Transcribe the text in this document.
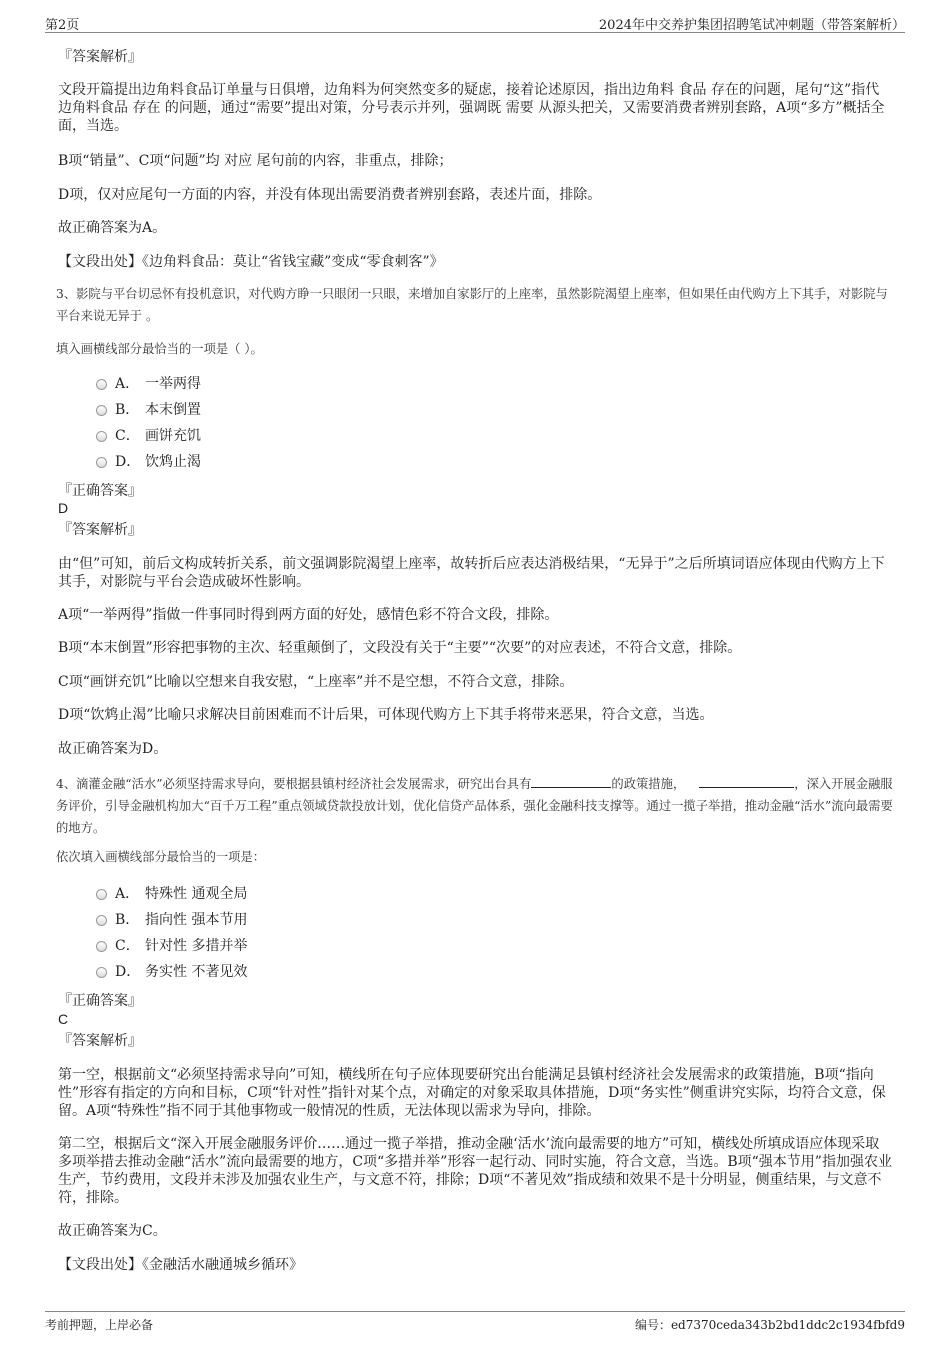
第2页	2024年中交养护集团招聘笔试冲刺题（带答案解析）
『答案解析』
文段开篇提出边角料食品订单量与日俱增，边角料为何突然变多的疑虑，接着论述原因，指出边角料 食品 存在的问题，尾句“这”指代边角料食品 存在 的问题，通过“需要”提出对策，分号表示并列，强调既 需要 从源头把关，又需要消费者辨别套路，A项“多方”概括全面，当选。
B项“销量”、C项“问题”均 对应 尾句前的内容，非重点，排除；
D项，仅对应尾句一方面的内容，并没有体现出需要消费者辨别套路，表述片面，排除。
故正确答案为A。
【文段出处】《边角料食品：莫让“省钱宝藏”变成“零食刺客”》
3、影院与平台切忌怀有投机意识，对代购方睁一只眼闭一只眼，来增加自家影厅的上座率，虽然影院渴望上座率，但如果任由代购方上下其手，对影院与平台来说无异于 。
填入画横线部分最恰当的一项是（ ）。
A． 一举两得
B． 本末倒置
C． 画饼充饥
D． 饮鸩止渴
『正确答案』
D
『答案解析』
由“但”可知，前后文构成转折关系，前文强调影院渴望上座率，故转折后应表达消极结果，“无异于”之后所填词语应体现由代购方上下其手，对影院与平台会造成破坏性影响。
A项“一举两得”指做一件事同时得到两方面的好处，感情色彩不符合文段，排除。
B项“本末倒置”形容把事物的主次、轻重颠倒了，文段没有关于“主要”“次要”的对应表述，不符合文意，排除。
C项“画饼充饥”比喻以空想来自我安慰，“上座率”并不是空想，不符合文意，排除。
D项“饮鸩止渴”比喻只求解决目前困难而不计后果，可体现代购方上下其手将带来恶果，符合文意，当选。
故正确答案为D。
4、滴灌金融“活水”必须坚持需求导向，要根据县镇村经济社会发展需求，研究出台具有	的政策措施，	，深入开展金融服务评价，引导金融机构加大“百千万工程”重点领域贷款投放计划，优化信贷产品体系，强化金融科技支撑等。通过一揽子举措，推动金融“活水”流向最需要的地方。
依次填入画横线部分最恰当的一项是：
A． 特殊性 通观全局
B． 指向性 强本节用
C． 针对性 多措并举
D． 务实性 不著见效
『正确答案』
C
『答案解析』
第一空，根据前文“必须坚持需求导向”可知，横线所在句子应体现要研究出台能满足县镇村经济社会发展需求的政策措施，B项“指向性”形容有指定的方向和目标，C项“针对性”指针对某个点，对确定的对象采取具体措施，D项“务实性”侧重讲究实际，均符合文意，保留。A项“特殊性”指不同于其他事物或一般情况的性质，无法体现以需求为导向，排除。
第二空，根据后文“深入开展金融服务评价……通过一揽子举措，推动金融‘活水’流向最需要的地方”可知，横线处所填成语应体现采取多项举措去推动金融“活水”流向最需要的地方，C项“多措并举”形容一起行动、同时实施，符合文意，当选。B项“强本节用”指加强农业生产，节约费用，文段并未涉及加强农业生产，与文意不符，排除；D项“不著见效”指成绩和效果不是十分明显，侧重结果，与文意不符，排除。
故正确答案为C。
【文段出处】《金融活水融通城乡循环》
考前押题，上岸必备	编号：ed7370ceda343b2bd1ddc2c1934fbfd9
